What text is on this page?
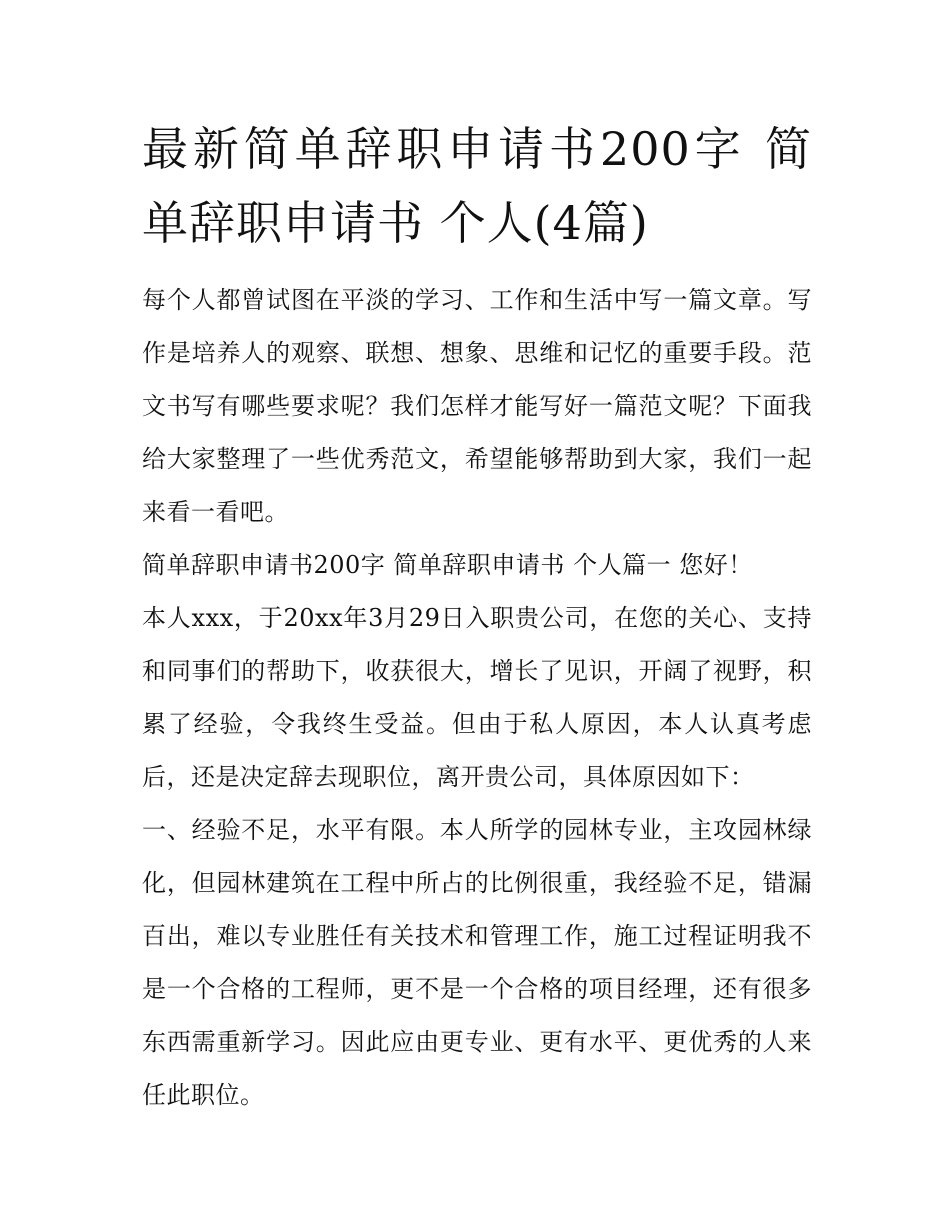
最新简单辞职申请书200字 简单辞职申请书 个人(4篇)

每个人都曾试图在平淡的学习、工作和生活中写一篇文章。写作是培养人的观察、联想、想象、思维和记忆的重要手段。范文书写有哪些要求呢？我们怎样才能写好一篇范文呢？下面我给大家整理了一些优秀范文，希望能够帮助到大家，我们一起来看一看吧。

简单辞职申请书200字 简单辞职申请书 个人篇一 您好！

本人xxx，于20xx年3月29日入职贵公司，在您的关心、支持和同事们的帮助下，收获很大，增长了见识，开阔了视野，积累了经验，令我终生受益。但由于私人原因，本人认真考虑后，还是决定辞去现职位，离开贵公司，具体原因如下：

一、经验不足，水平有限。本人所学的园林专业，主攻园林绿化，但园林建筑在工程中所占的比例很重，我经验不足，错漏百出，难以专业胜任有关技术和管理工作，施工过程证明我不是一个合格的工程师，更不是一个合格的项目经理，还有很多东西需重新学习。因此应由更专业、更有水平、更优秀的人来任此职位。
